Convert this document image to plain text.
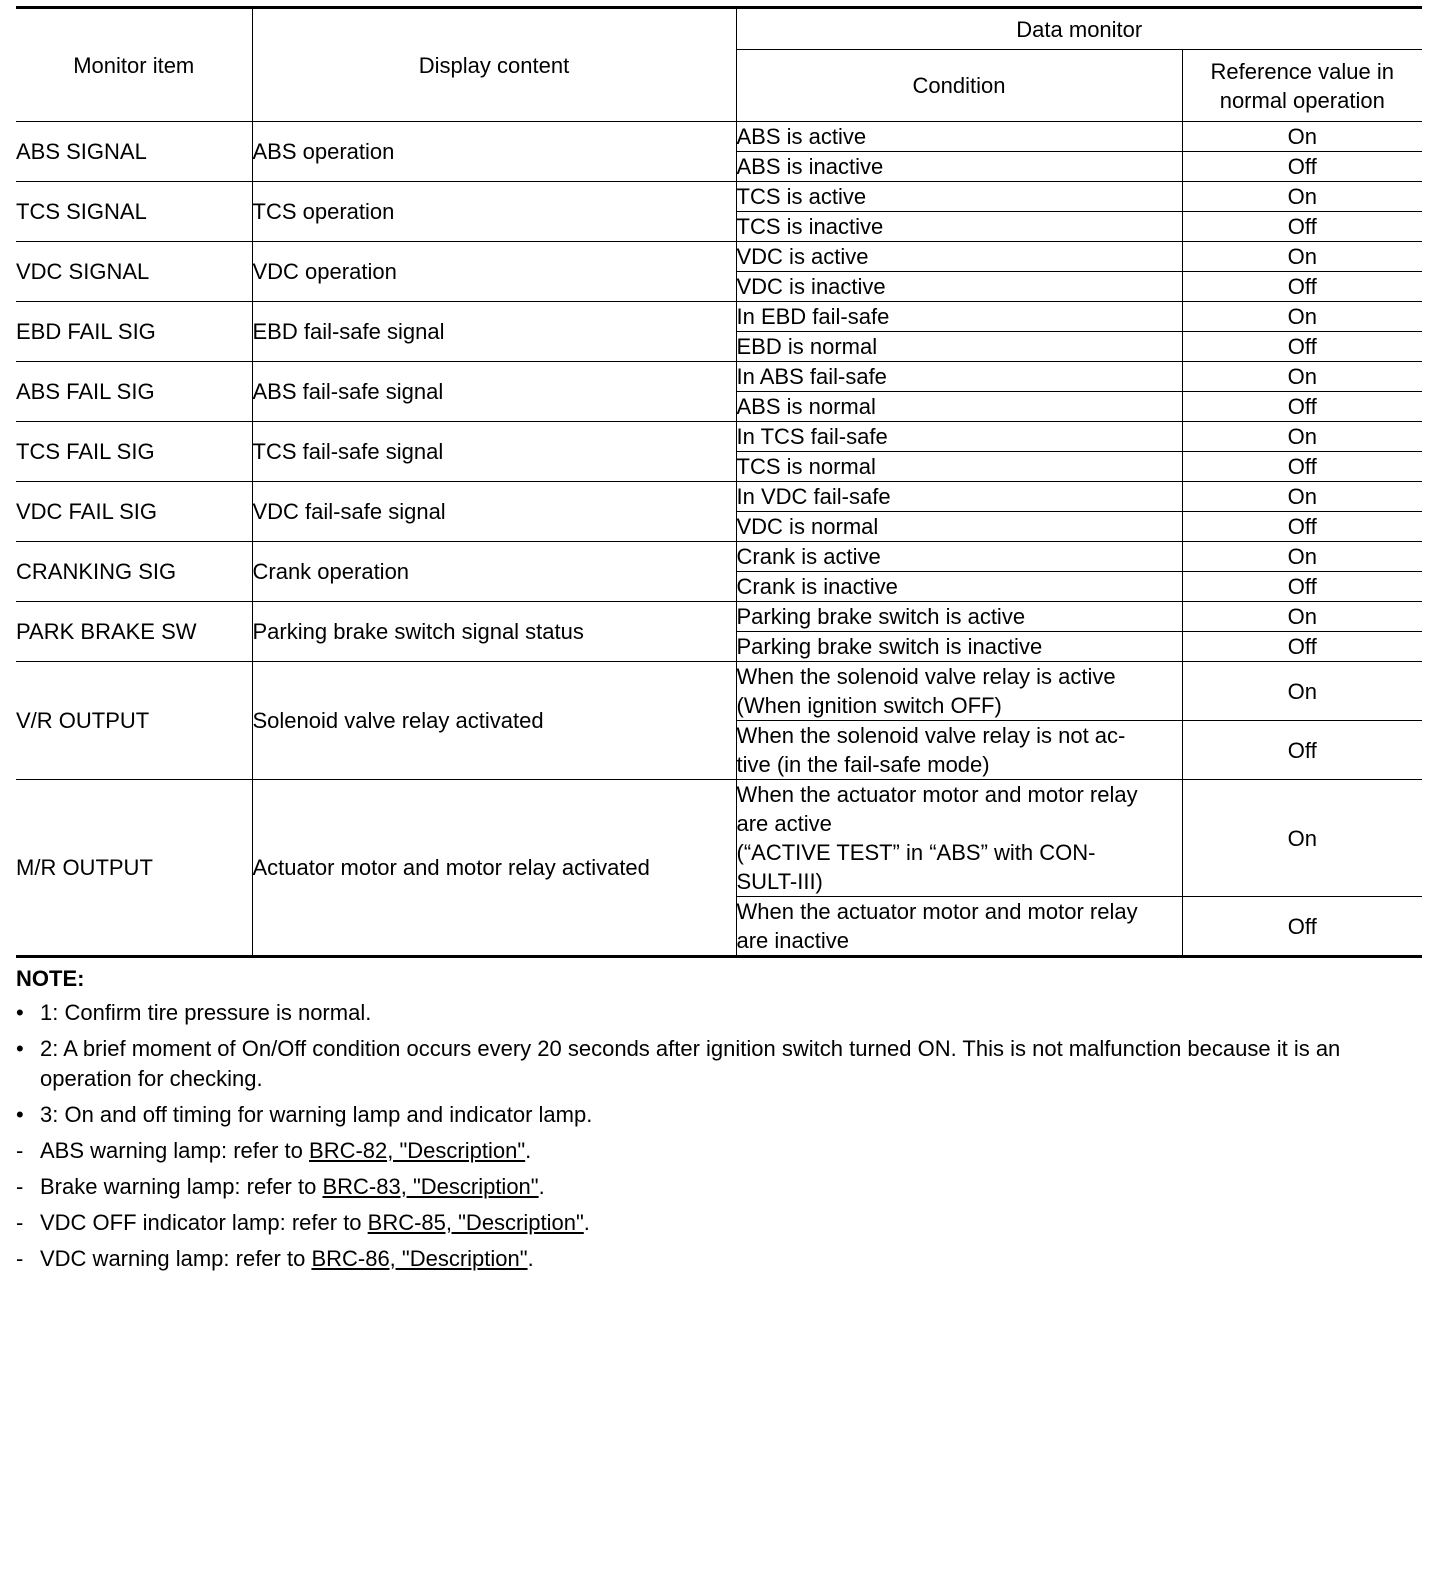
Monitor item	Display content	Data monitor	
		Condition	Reference value in normal operation
ABS SIGNAL	ABS operation	ABS is active	On
		ABS is inactive	Off
TCS SIGNAL	TCS operation	TCS is active	On
		TCS is inactive	Off
VDC SIGNAL	VDC operation	VDC is active	On
		VDC is inactive	Off
EBD FAIL SIG	EBD fail-safe signal	In EBD fail-safe	On
		EBD is normal	Off
ABS FAIL SIG	ABS fail-safe signal	In ABS fail-safe	On
		ABS is normal	Off
TCS FAIL SIG	TCS fail-safe signal	In TCS fail-safe	On
		TCS is normal	Off
VDC FAIL SIG	VDC fail-safe signal	In VDC fail-safe	On
		VDC is normal	Off
CRANKING SIG	Crank operation	Crank is active	On
		Crank is inactive	Off
PARK BRAKE SW	Parking brake switch signal status	Parking brake switch is active	On
		Parking brake switch is inactive	Off
V/R OUTPUT	Solenoid valve relay activated	When the solenoid valve relay is active
(When ignition switch OFF)	On
		When the solenoid valve relay is not ac-
tive (in the fail-safe mode)	Off
M/R OUTPUT	Actuator motor and motor relay activated	When the actuator motor and motor relay
are active
(“ACTIVE TEST” in “ABS” with CON-
SULT-III)	On
		When the actuator motor and motor relay
are inactive	Off
NOTE:
• 1: Confirm tire pressure is normal.
• 2: A brief moment of On/Off condition occurs every 20 seconds after ignition switch turned ON. This is not malfunction because it is an operation for checking.
• 3: On and off timing for warning lamp and indicator lamp.
- ABS warning lamp: refer to BRC-82, "Description".
- Brake warning lamp: refer to BRC-83, "Description".
- VDC OFF indicator lamp: refer to BRC-85, "Description".
- VDC warning lamp: refer to BRC-86, "Description".
